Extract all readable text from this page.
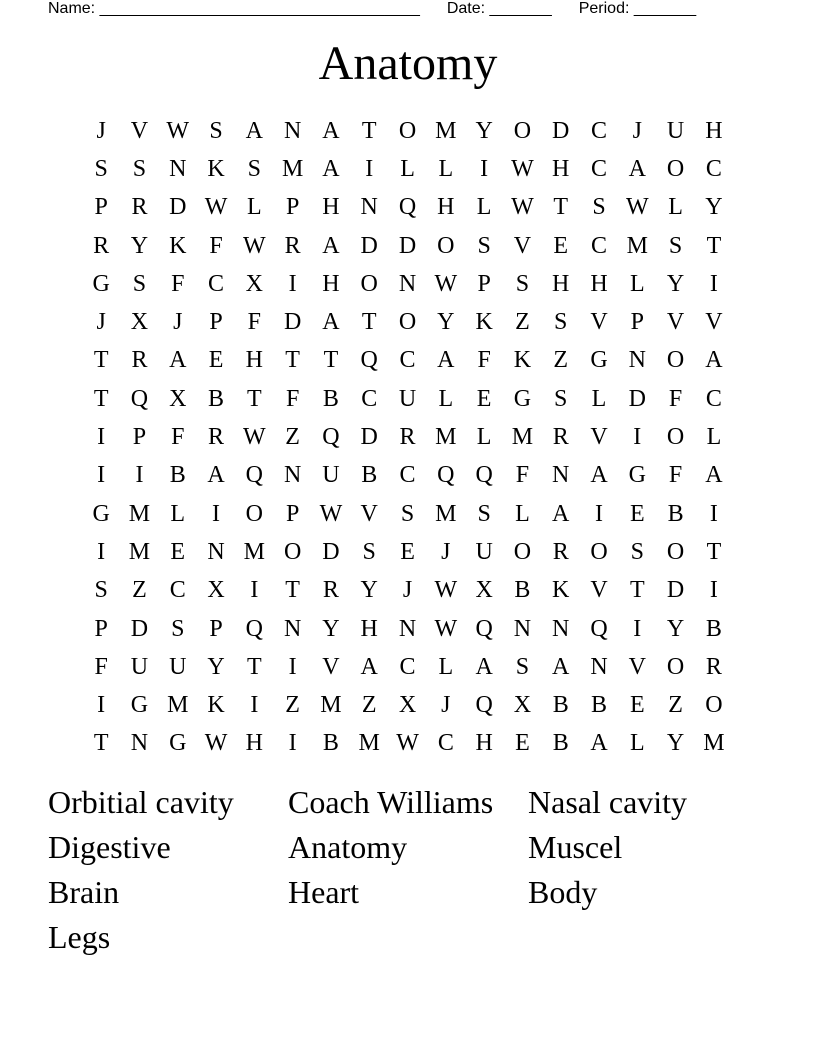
Name: ____________________________________ Date: _______ Period: _______
Anatomy
J	V W S A N A T O M Y O D C	J	U H
S	S N K S M A	I	L L	I W H C A O C
P R D W L	P H N Q H L W T	S W L Y
R Y K F W R A D D O S V E C M S	T
G S	F C X	I	H O N W P	S H H L Y	I
J	X	J	P	F D A T O Y K Z	S V P V V
T R A E H T T Q C A F K Z G N O A
T Q X B T	F B C U L E G S	L D F C
I	P	F R W Z Q D R M L M R V	I	O L
I	I	B A Q N U B C Q Q F N A G F A
G M L	I	O P W V S M S	L A	I	E B	I
I M E N M O D S	E	J	U O R O S O T
S	Z C X	I	T R Y	J W X B K V T D	I
P D S	P Q N Y H N W Q N N Q	I	Y B
F U U Y T	I	V A C L A S A N V O R
I	G M K	I	Z M Z X	J	Q X B B E Z O
T N G W H	I	B M W C H E B A L Y M
Orbitial cavity	Coach Williams	Nasal cavity
Digestive	Anatomy	Muscel
Brain	Heart	Body
Legs
